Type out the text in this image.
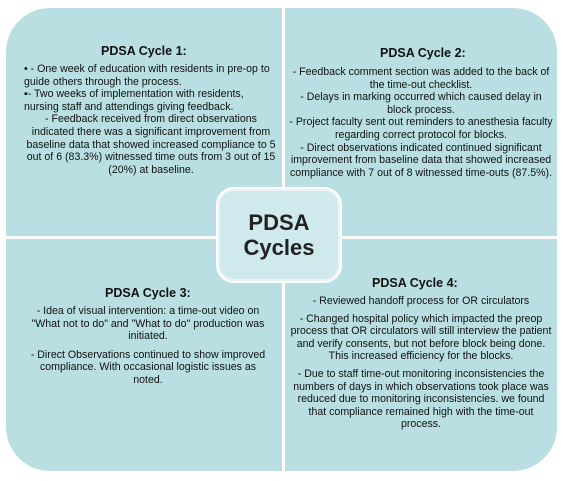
PDSA Cycle 1:

• - One week of education with residents in pre-op to guide others through the process.

▪- Two weeks of implementation with residents, nursing staff and attendings giving feedback.

- Feedback received from direct observations indicated there was a significant improvement from baseline data that showed increased compliance to 5 out of 6 (83.3%) witnessed time outs from 3 out of 15 (20%) at baseline.

PDSA Cycle 2:

- Feedback comment section was added to the back of the time-out checklist.

- Delays in marking occurred which caused delay in block process.

- Project faculty sent out reminders to anesthesia faculty regarding correct protocol for blocks.

- Direct observations indicated continued significant improvement from baseline data that showed increased compliance with 7 out of 8 witnessed time-outs (87.5%).

PDSA Cycle 3:

- Idea of visual intervention: a time-out video on "What not to do" and "What to do" production was initiated.

- Direct Observations continued to show improved compliance. With occasional logistic issues as noted.

PDSA Cycle 4:

- Reviewed handoff process for OR circulators

- Changed hospital policy which impacted the preop process that OR circulators will still interview the patient and verify consents, but not before block being done. This increased efficiency for the blocks.

- Due to staff time-out monitoring inconsistencies the numbers of days in which observations took place was reduced due to monitoring inconsistencies. we found that compliance remained high with the time-out process.

PDSA
Cycles
